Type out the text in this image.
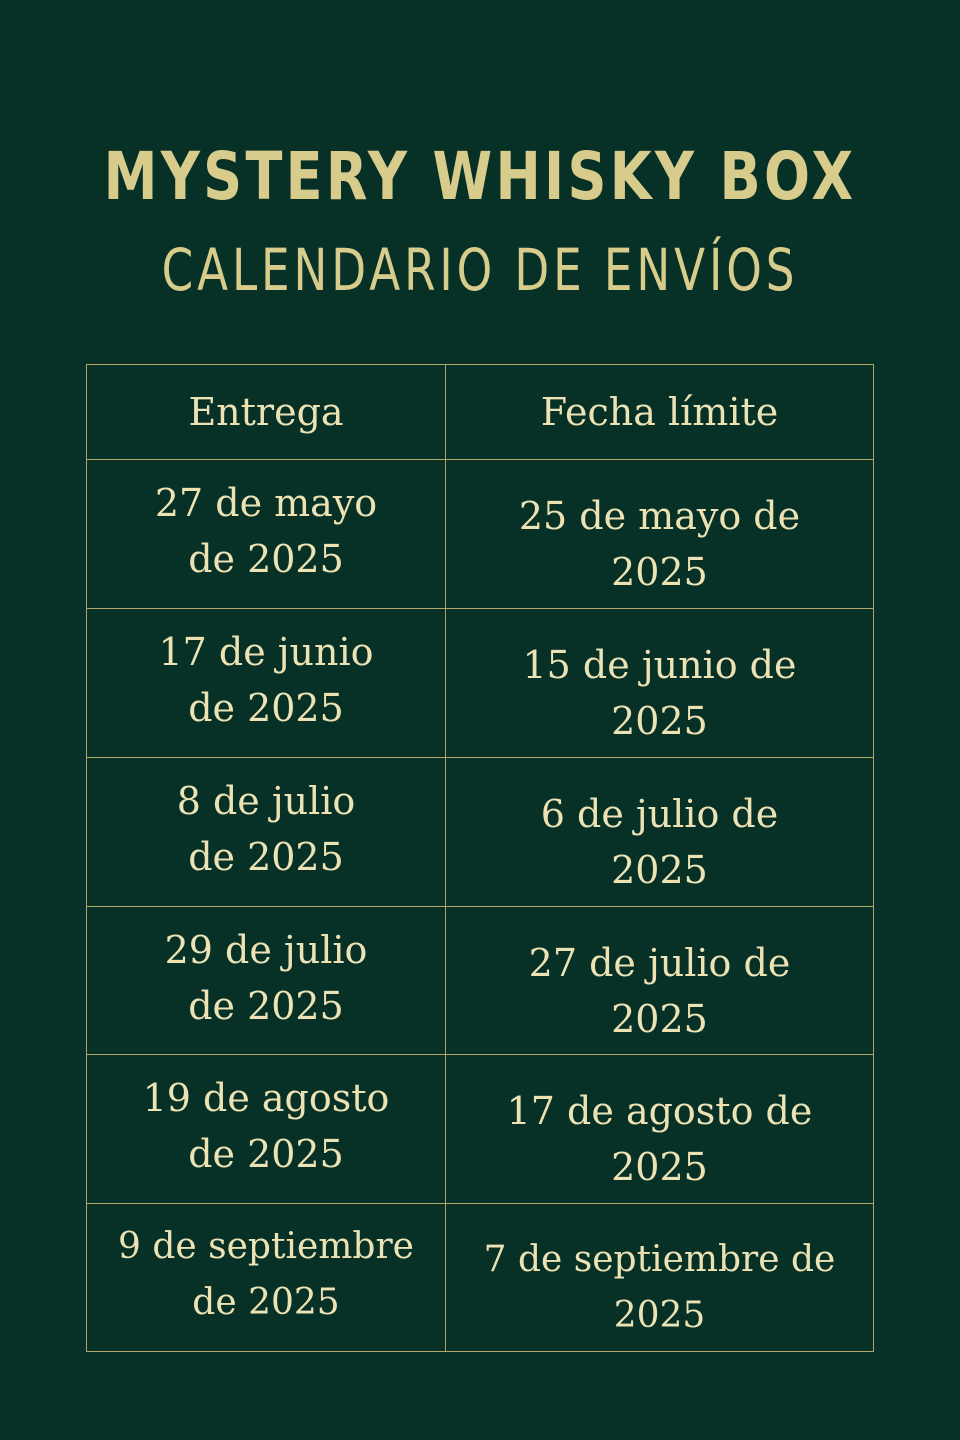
MYSTERY WHISKY BOX
CALENDARIO DE ENVÍOS
Entrega	Fecha límite
27 de mayo
de 2025
25 de mayo de
2025
17 de junio
de 2025
15 de junio de
2025
8 de julio
de 2025
6 de julio de
2025
29 de julio
de 2025
27 de julio de
2025
19 de agosto
de 2025
17 de agosto de
2025
9 de septiembre
de 2025
7 de septiembre de
2025
